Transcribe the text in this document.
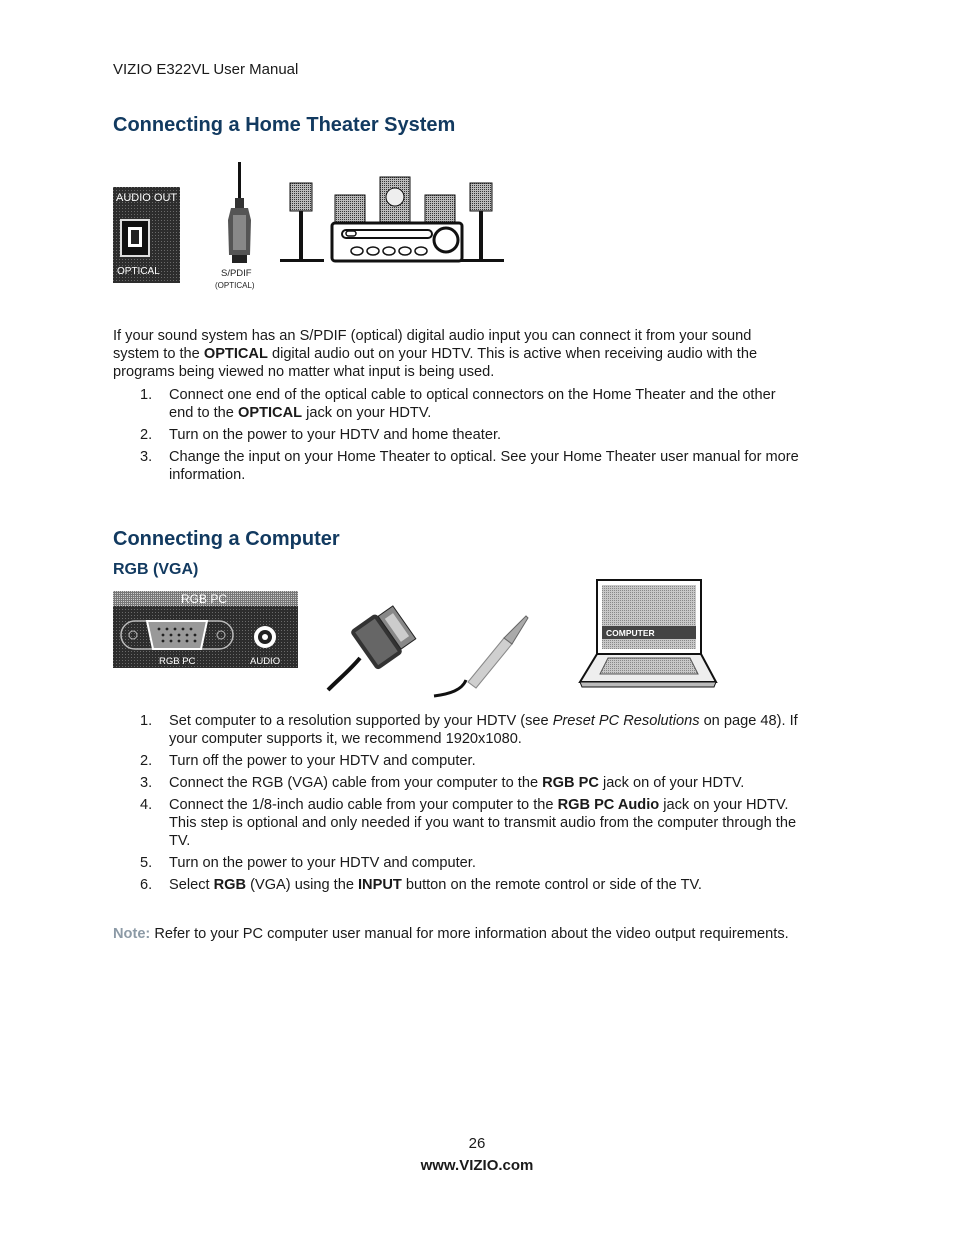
VIZIO E322VL User Manual
Connecting a Home Theater System
AUDIO OUT
OPTICAL	S/PDIF
(OPTICAL)
If your sound system has an S/PDIF (optical) digital audio input you can connect it from your sound
system to the OPTICAL digital audio out on your HDTV. This is active when receiving audio with the
programs being viewed no matter what input is being used.
1. Connect one end of the optical cable to optical connectors on the Home Theater and the other
end to the OPTICAL jack on your HDTV.
2. Turn on the power to your HDTV and home theater.
3. Change the input on your Home Theater to optical. See your Home Theater user manual for more
information.
Connecting a Computer
RGB (VGA)
RGB PC
RGB PC	AUDIO
COMPUTER
1. Set computer to a resolution supported by your HDTV (see Preset PC Resolutions on page 48). If
your computer supports it, we recommend 1920x1080.
2. Turn off the power to your HDTV and computer.
3. Connect the RGB (VGA) cable from your computer to the RGB PC jack on of your HDTV.
4. Connect the 1/8-inch audio cable from your computer to the RGB PC Audio jack on your HDTV.
This step is optional and only needed if you want to transmit audio from the computer through the
TV.
5. Turn on the power to your HDTV and computer.
6. Select RGB (VGA) using the INPUT button on the remote control or side of the TV.
Note: Refer to your PC computer user manual for more information about the video output requirements.
26
www.VIZIO.com
